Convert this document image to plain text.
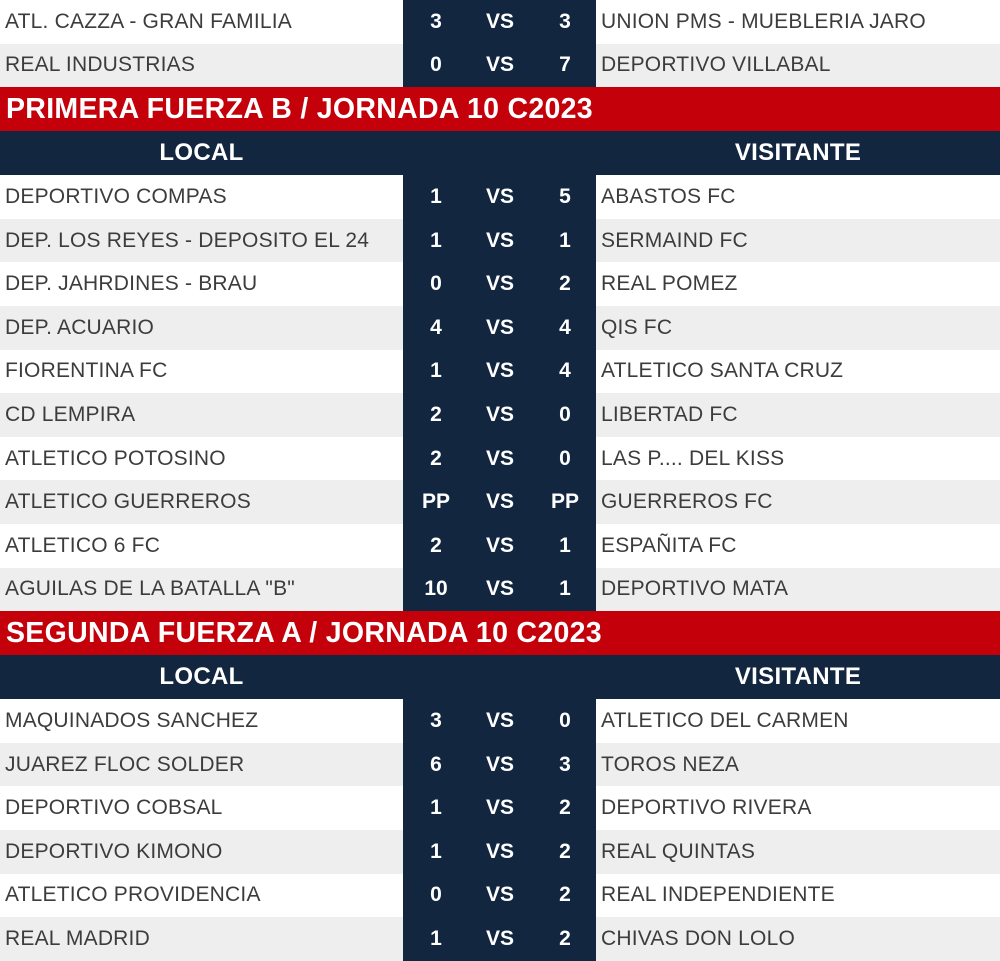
ATL. CAZZA - GRAN FAMILIA	3	VS	3	UNION PMS - MUEBLERIA JARO
REAL INDUSTRIAS	0	VS	7	DEPORTIVO VILLABAL
PRIMERA FUERZA B / JORNADA 10 C2023
LOCAL	VISITANTE
DEPORTIVO COMPAS	1	VS	5	ABASTOS FC
DEP. LOS REYES - DEPOSITO EL 24	1	VS	1	SERMAIND FC
DEP. JAHRDINES - BRAU	0	VS	2	REAL POMEZ
DEP. ACUARIO	4	VS	4	QIS FC
FIORENTINA FC	1	VS	4	ATLETICO SANTA CRUZ
CD LEMPIRA	2	VS	0	LIBERTAD FC
ATLETICO POTOSINO	2	VS	0	LAS P.... DEL KISS
ATLETICO GUERREROS	PP	VS	PP	GUERREROS FC
ATLETICO 6 FC	2	VS	1	ESPAÑITA FC
AGUILAS DE LA BATALLA "B"	10	VS	1	DEPORTIVO MATA
SEGUNDA FUERZA A / JORNADA 10 C2023
LOCAL	VISITANTE
MAQUINADOS SANCHEZ	3	VS	0	ATLETICO DEL CARMEN
JUAREZ FLOC SOLDER	6	VS	3	TOROS NEZA
DEPORTIVO COBSAL	1	VS	2	DEPORTIVO RIVERA
DEPORTIVO KIMONO	1	VS	2	REAL QUINTAS
ATLETICO PROVIDENCIA	0	VS	2	REAL INDEPENDIENTE
REAL MADRID	1	VS	2	CHIVAS DON LOLO
